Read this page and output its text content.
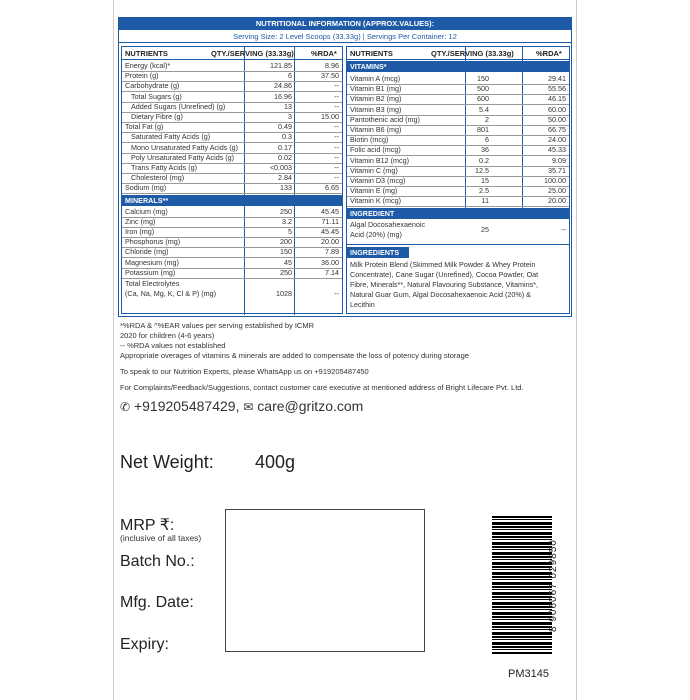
NUTRITIONAL INFORMATION (APPROX.VALUES):
Serving Size: 2 Level Scoops (33.33g) | Servings Per Container: 12
NUTRIENTS	QTY./SERVING (33.33g) %RDA*
Energy (kcal)*	121.85	8.96
Protein (g)	6	37.50
Carbohydrate (g)	24.86	--
Total Sugars (g)	16.96	--
Added Sugars (Unrefined) (g)	13	--
Dietary Fibre (g)	3	15.00
Total Fat (g)	0.49	--
Saturated Fatty Acids (g)	0.3	--
Mono Unsaturated Fatty Acids (g)	0.17	--
Poly Unsaturated Fatty Acids (g)	0.02	--
Trans Fatty Acids (g)	<0.003	--
Cholesterol (mg)	2.84	--
Sodium (mg)	133	6.65
MINERALS**
Calcium (mg)	250	45.45
Zinc (mg)	3.2	71.11
Iron (mg)	5	45.45
Phosphorus (mg)	200	20.00
Chloride (mg)	150	7.89
Magnesium (mg)	45	36.00
Potassium (mg)	250	7.14
Total Electrolytes
(Ca, Na, Mg, K, Cl & P) (mg)	1028	--
NUTRIENTS	QTY./SERVING (33.33g)	%RDA*
VITAMINS*
Vitamin A (mcg)	150	29.41
Vitamin B1 (mg)	500	55.56
Vitamin B2 (mg)	600	46.15
Vitamin B3 (mg)	5.4	60.00
Pantothenic acid (mg)	2	50.00
Vitamin B6 (mg)	801	66.75
Biotin (mcg)	6	24.00
Folic acid (mcg)	36	45.33
Vitamin B12 (mcg)	0.2	9.09
Vitamin C (mg)	12.5	35.71
Vitamin D3 (mcg)	15	100.00
Vitamin E (mg)	2.5	25.00
Vitamin K (mcg)	11	20.00
INGREDIENT
Algal Docosahexaenoic
Acid (20%) (mg)
25	--
INGREDIENTS
Milk Protein Blend (Skimmed Milk Powder & Whey Protein
Concentrate), Cane Sugar (Unrefined), Cocoa Powder, Oat
Fibre, Minerals**, Natural Flavouring Substance, Vitamins*,
Natural Guar Gum, Algal Docosahexaenoic Acid (20%) &
Lecithin
*%RDA & ^%EAR values per serving established by ICMR
2020 for children (4-6 years)
-- %RDA values not established
Appropriate overages of vitamins & minerals are added to compensate the loss of potency during storage
To speak to our Nutrition Experts, please WhatsApp us on +919205487450
For Complaints/Feedback/Suggestions, contact customer care executive at mentioned address of Bright Lifecare Pvt. Ltd.
✆ +919205487429, ✉ care@gritzo.com
Net Weight: 400g
MRP ₹:
(inclusive of all taxes)
Batch No.:
Mfg. Date:
Expiry:
8 906067 029850
PM3145
